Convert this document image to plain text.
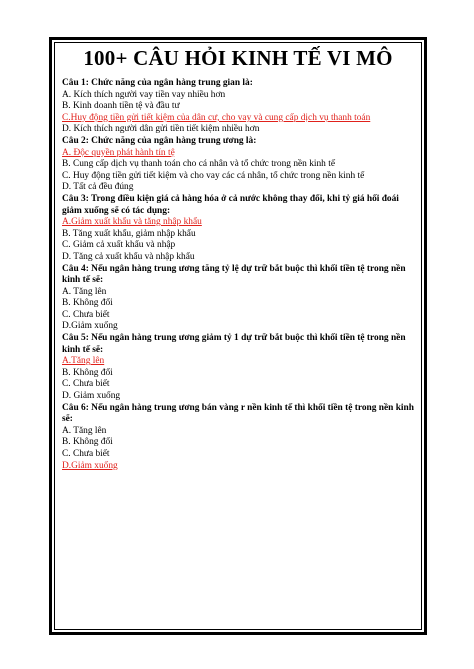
100+ CÂU HỎI KINH TẾ VI MÔ
Câu 1: Chức năng của ngân hàng trung gian là:
A. Kích thích người vay tiền vay nhiều hơn
B. Kinh doanh tiền tệ và đầu tư
C.Huy động tiền gửi tiết kiệm của dân cư, cho vay và cung cấp dịch vụ thanh toán
D. Kích thích người dân gửi tiền tiết kiệm nhiều hơn
Câu 2: Chức năng của ngân hàng trung ương là:
A. Độc quyền phát hành tín tệ
B. Cung cấp dịch vụ thanh toán cho cá nhân và tổ chức trong nền kinh tế
C. Huy động tiền gửi tiết kiệm và cho vay các cá nhân, tổ chức trong nền kinh tế
D. Tất cả đều đúng
Câu 3: Trong điều kiện giá cả hàng hóa ở cả nước không thay đổi, khi tỷ giá hối đoái giảm xuống sẽ có tác dụng:
A.Giảm xuất khẩu và tăng nhập khẩu
B. Tăng xuất khẩu, giảm nhập khẩu
C. Giảm cả xuất khẩu và nhập
D. Tăng cả xuất khẩu và nhập khẩu
Câu 4: Nếu ngân hàng trung ương tăng tỷ lệ dự trữ bắt buộc thì khối tiền tệ trong nền kinh tế sẽ:
A. Tăng lên
B. Không đổi
C. Chưa biết
D.Giảm xuống
Câu 5: Nếu ngân hàng trung ương giảm tỷ 1 dự trữ bắt buộc thì khối tiền tệ trong nền kinh tế sẽ:
A.Tăng lên
B. Không đổi
C. Chưa biết
D. Giảm xuống
Câu 6: Nếu ngân hàng trung ương bán vàng r nền kinh tế thì khối tiền tệ trong nền kinh sẽ:
A. Tăng lên
B. Không đổi
C. Chưa biết
D.Giảm xuống
